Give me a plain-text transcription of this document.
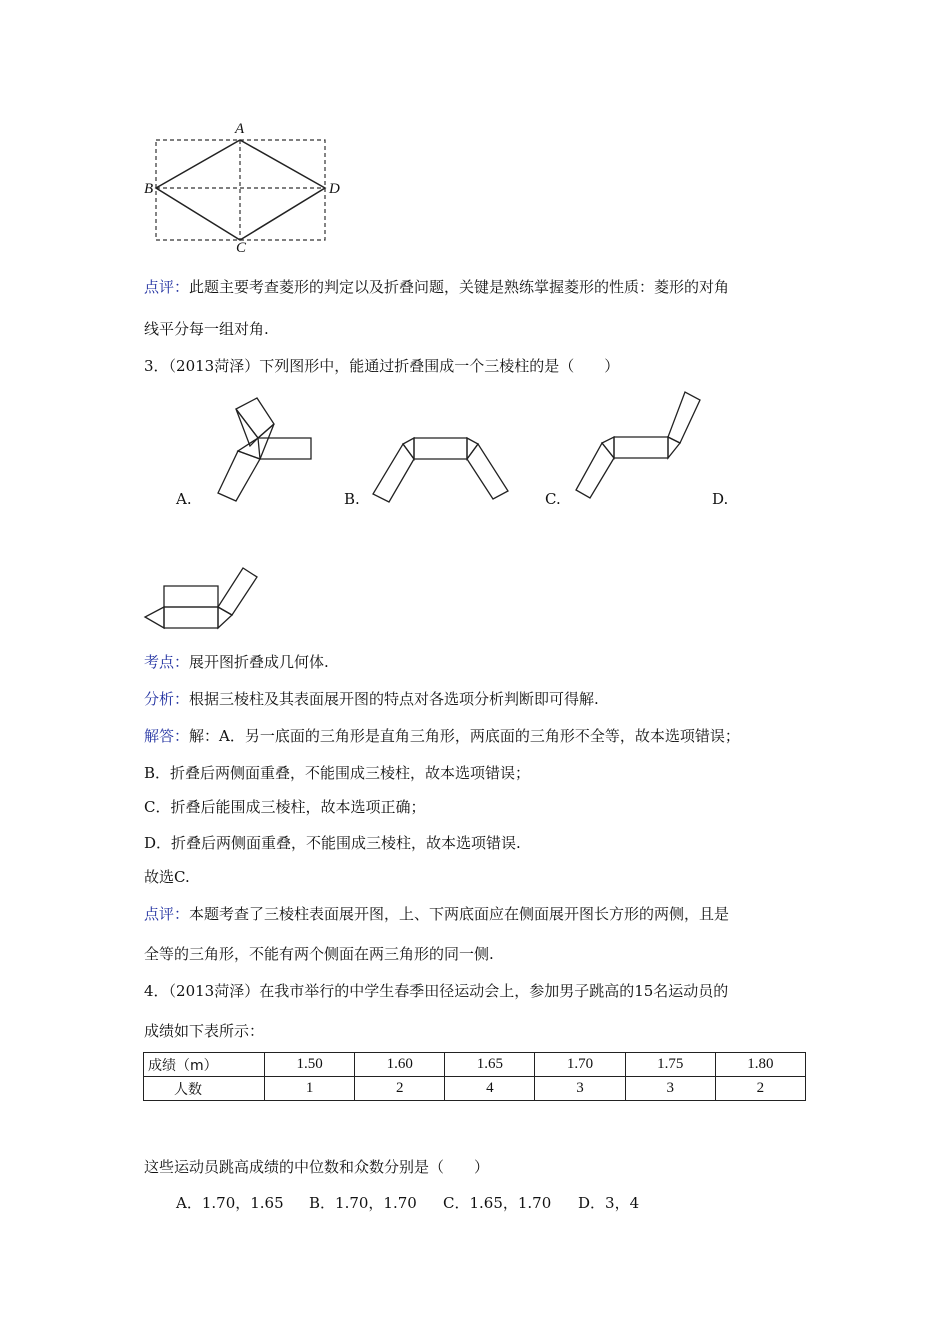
A
B
C
D
点评：此题主要考查菱形的判定以及折叠问题，关键是熟练掌握菱形的性质：菱形的对角
线平分每一组对角.
3．（2013菏泽）下列图形中，能通过折叠围成一个三棱柱的是（　　）
A.	B.	C.	D.
考点：展开图折叠成几何体.
分析：根据三棱柱及其表面展开图的特点对各选项分析判断即可得解.
解答：解：A．另一底面的三角形是直角三角形，两底面的三角形不全等，故本选项错误；
B．折叠后两侧面重叠，不能围成三棱柱，故本选项错误；
C．折叠后能围成三棱柱，故本选项正确；
D．折叠后两侧面重叠，不能围成三棱柱，故本选项错误.
故选C.
点评：本题考查了三棱柱表面展开图，上、下两底面应在侧面展开图长方形的两侧，且是
全等的三角形，不能有两个侧面在两三角形的同一侧.
4．（2013菏泽）在我市举行的中学生春季田径运动会上，参加男子跳高的15名运动员的
成绩如下表所示：
成绩（m）	1.50	1.60	1.65	1.70	1.75	1.80
人数	1	2	4	3	3	2
这些运动员跳高成绩的中位数和众数分别是（　　）
A．1.70，1.65 B．1.70，1.70 C．1.65，1.70 D．3，4
